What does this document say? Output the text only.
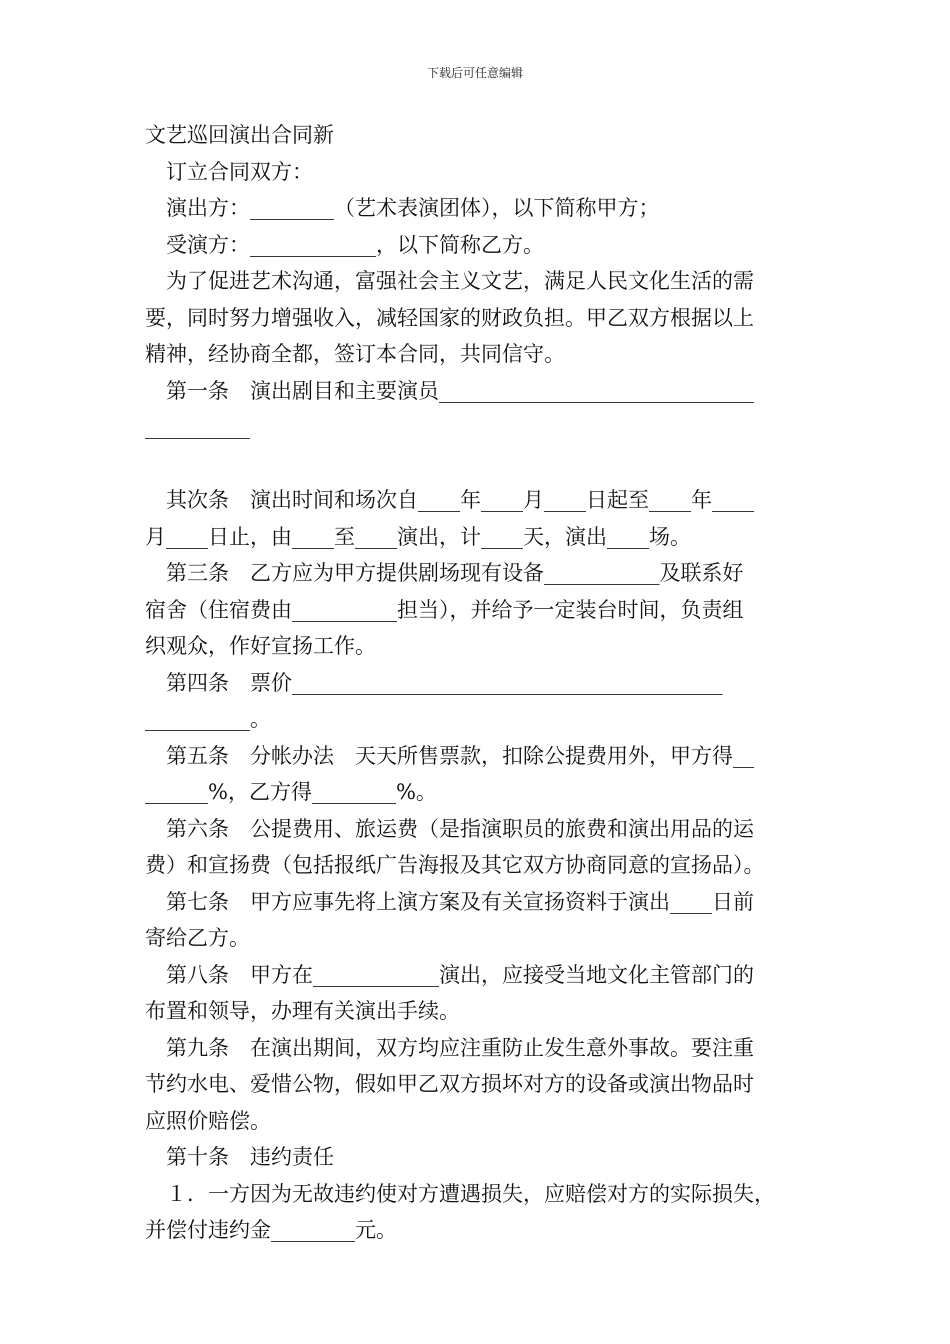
下载后可任意编辑
文艺巡回演出合同新
订立合同双方：
演出方：________（艺术表演团体），以下简称甲方；
受演方：____________，以下简称乙方。
为了促进艺术沟通，富强社会主义文艺，满足人民文化生活的需
要，同时努力增强收入，减轻国家的财政负担。甲乙双方根据以上
精神，经协商全都，签订本合同，共同信守。
第一条　演出剧目和主要演员______________________________
__________
其次条　演出时间和场次自____年____月____日起至____年____
月____日止，由____至____演出，计____天，演出____场。
第三条　乙方应为甲方提供剧场现有设备___________及联系好
宿舍（住宿费由__________担当），并给予一定装台时间，负责组
织观众，作好宣扬工作。
第四条　票价_________________________________________
__________。
第五条　分帐办法　天天所售票款，扣除公提费用外，甲方得__
______%，乙方得________%。
第六条　公提费用、旅运费（是指演职员的旅费和演出用品的运
费）和宣扬费（包括报纸广告海报及其它双方协商同意的宣扬品）。
第七条　甲方应事先将上演方案及有关宣扬资料于演出____日前
寄给乙方。
第八条　甲方在____________演出，应接受当地文化主管部门的
布置和领导，办理有关演出手续。
第九条　在演出期间，双方均应注重防止发生意外事故。要注重
节约水电、爱惜公物，假如甲乙双方损坏对方的设备或演出物品时
应照价赔偿。
第十条　违约责任
１．一方因为无故违约使对方遭遇损失，应赔偿对方的实际损失，
并偿付违约金________元。
